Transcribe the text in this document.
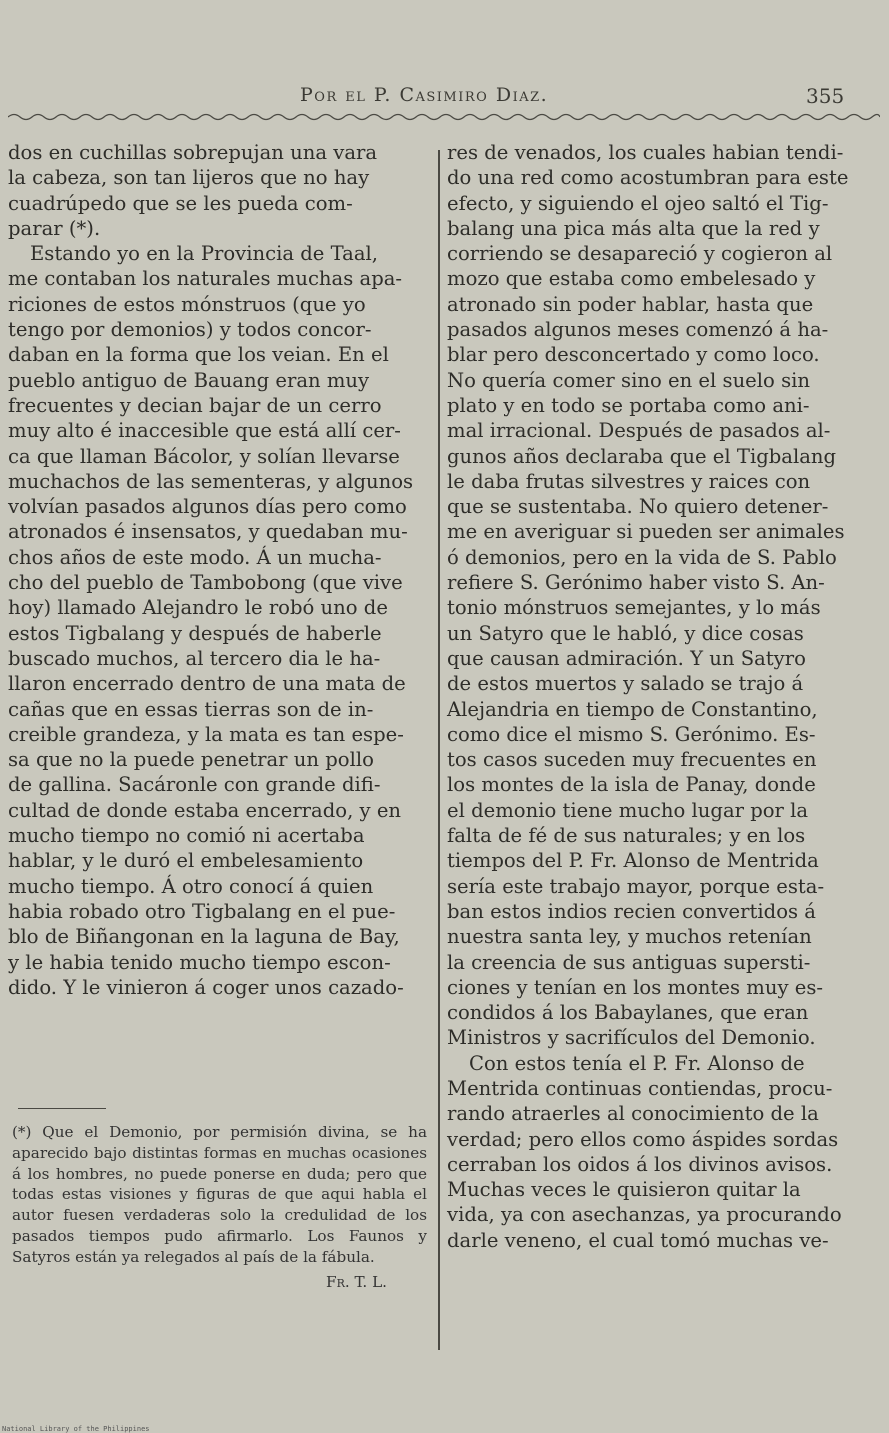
Por el P. Casimiro Diaz.	355
dos en cuchillas sobrepujan una vara
la cabeza, son tan lijeros que no hay
cuadrúpedo que se les pueda com-
parar (*).
Estando yo en la Provincia de Taal,
me contaban los naturales muchas apa-
riciones de estos mónstruos (que yo
tengo por demonios) y todos concor-
daban en la forma que los veian. En el
pueblo antiguo de Bauang eran muy
frecuentes y decian bajar de un cerro
muy alto é inaccesible que está allí cer-
ca que llaman Bácolor, y solían llevarse
muchachos de las sementeras, y algunos
volvían pasados algunos días pero como
atronados é insensatos, y quedaban mu-
chos años de este modo. Á un mucha-
cho del pueblo de Tambobong (que vive
hoy) llamado Alejandro le robó uno de
estos Tigbalang y después de haberle
buscado muchos, al tercero dia le ha-
llaron encerrado dentro de una mata de
cañas que en essas tierras son de in-
creible grandeza, y la mata es tan espe-
sa que no la puede penetrar un pollo
de gallina. Sacáronle con grande difi-
cultad de donde estaba encerrado, y en
mucho tiempo no comió ni acertaba
hablar, y le duró el embelesamiento
mucho tiempo. Á otro conocí á quien
habia robado otro Tigbalang en el pue-
blo de Biñangonan en la laguna de Bay,
y le habia tenido mucho tiempo escon-
dido. Y le vinieron á coger unos cazado-
res de venados, los cuales habian tendi-
do una red como acostumbran para este
efecto, y siguiendo el ojeo saltó el Tig-
balang una pica más alta que la red y
corriendo se desapareció y cogieron al
mozo que estaba como embelesado y
atronado sin poder hablar, hasta que
pasados algunos meses comenzó á ha-
blar pero desconcertado y como loco.
No quería comer sino en el suelo sin
plato y en todo se portaba como ani-
mal irracional. Después de pasados al-
gunos años declaraba que el Tigbalang
le daba frutas silvestres y raices con
que se sustentaba. No quiero detener-
me en averiguar si pueden ser animales
ó demonios, pero en la vida de S. Pablo
refiere S. Gerónimo haber visto S. An-
tonio mónstruos semejantes, y lo más
un Satyro que le habló, y dice cosas
que causan admiración. Y un Satyro
de estos muertos y salado se trajo á
Alejandria en tiempo de Constantino,
como dice el mismo S. Gerónimo. Es-
tos casos suceden muy frecuentes en
los montes de la isla de Panay, donde
el demonio tiene mucho lugar por la
falta de fé de sus naturales; y en los
tiempos del P. Fr. Alonso de Mentrida
sería este trabajo mayor, porque esta-
ban estos indios recien convertidos á
nuestra santa ley, y muchos retenían
la creencia de sus antiguas supersti-
ciones y tenían en los montes muy es-
condidos á los Babaylanes, que eran
Ministros y sacrifículos del Demonio.
Con estos tenía el P. Fr. Alonso de
Mentrida continuas contiendas, procu-
rando atraerles al conocimiento de la
verdad; pero ellos como áspides sordas
cerraban los oidos á los divinos avisos.
Muchas veces le quisieron quitar la
vida, ya con asechanzas, ya procurando
darle veneno, el cual tomó muchas ve-
(*) Que el Demonio, por permisión divina, se ha aparecido bajo distintas formas en muchas ocasiones á los hombres, no puede ponerse en duda; pero que todas estas visiones y figuras de que aqui habla el autor fuesen verdaderas solo la credulidad de los pasados tiempos pudo afirmarlo. Los Faunos y Satyros están ya relegados al país de la fábula.
Fr. T. L.
National Library of the Philippines
